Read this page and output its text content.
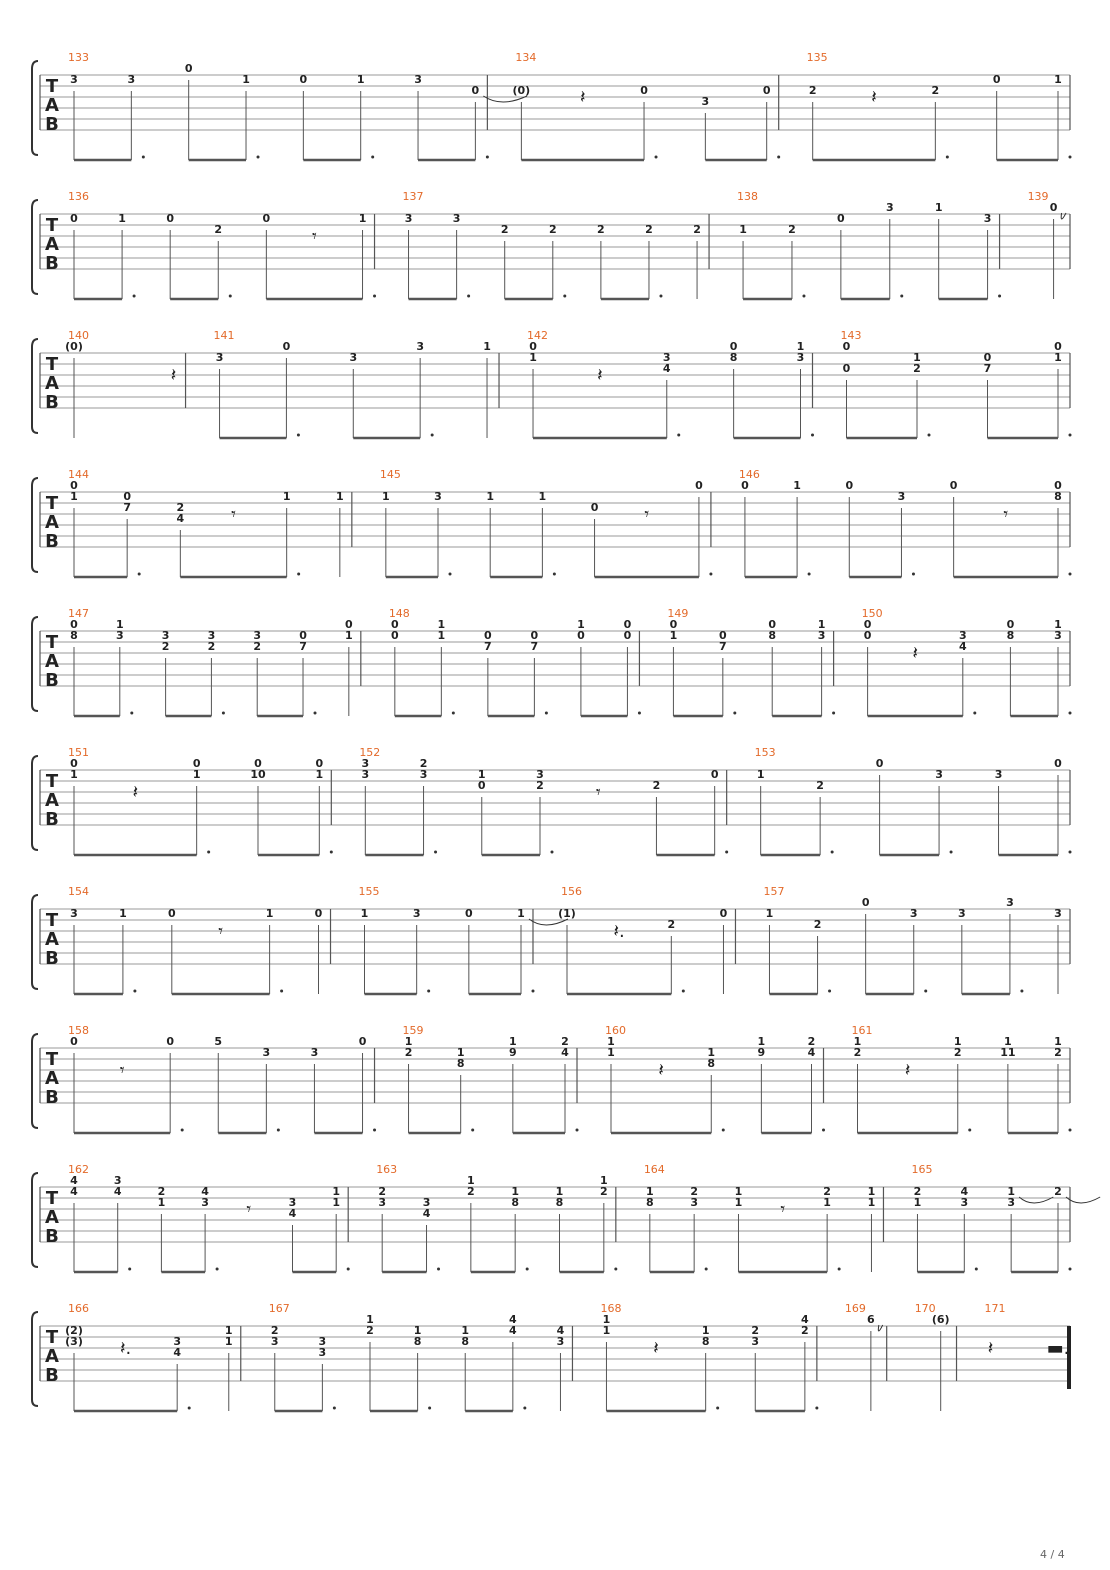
T
A
B
133
3	3
0
1	0	1	3
0
134
(0)	𝄽	0
3
0
135
2	𝄽	2
0	1
T
A
B
136
0	1	0
2
0
𝄾
1
137
3	3
2	2	2	2	2
138
1	2
0
3	1
3
139
0
T
A
B
140
(0)
𝄽
141
3
0
3
3	1
142
0
1
𝄽
3
4
0
8
1
3
143
0
0
1
2
0
7
0
1
T
A
B
144
0
1	0
7	2
4	𝄾
1	1
145
1	3	1	1
0	𝄾
0
146
0	1	0
3
0
𝄾
0
8
T
A
B
147
0
8
1
3	3
2
3
2
3
2
0
7
0
1
148
0
0
1
1	0
7
0
7
1
0
0
0
149
0
1	0
7
0
8
1
3
150
0
0
𝄽
3
4
0
8
1
3
T
A
B
151
0
1
𝄽
0
1
0
10
0
1
152
3
3
2
3	1
0
3
2	𝄾	2
0
153
1
2
0
3	3
0
T
A
B
154
3	1	0
𝄾
1	0
155
1	3	0	1
156
(1)
𝄽.	2
0
157
1
2
0
3	3
3
3
T
A
B
158
0
𝄾
0	5
3	3
0
159
1
2	1
8
1
9
2
4
160
1
1
𝄽
1
8
1
9
2
4
161
1
2
𝄽
1
2
1
11
1
2
T
A
B
162
4
4
3
4	2
1
4
3 𝄾	3
4
1
1
163
2
3	3
4
1
2	1
8
1
8
1
2
164
1
8
2
3
1
1 𝄾
2
1
1
1
165
2
1
4
3
1
3
2
T
A
B
166
(2)
(3) 𝄽.	3
4
1
1
167
2
3	3
3
1
2	1
8
1
8
4
4	4
3
168
1
1
𝄽
1
8
2
3
4
2
169
6
170
(6)
171
𝄽	▬.
4 / 4
